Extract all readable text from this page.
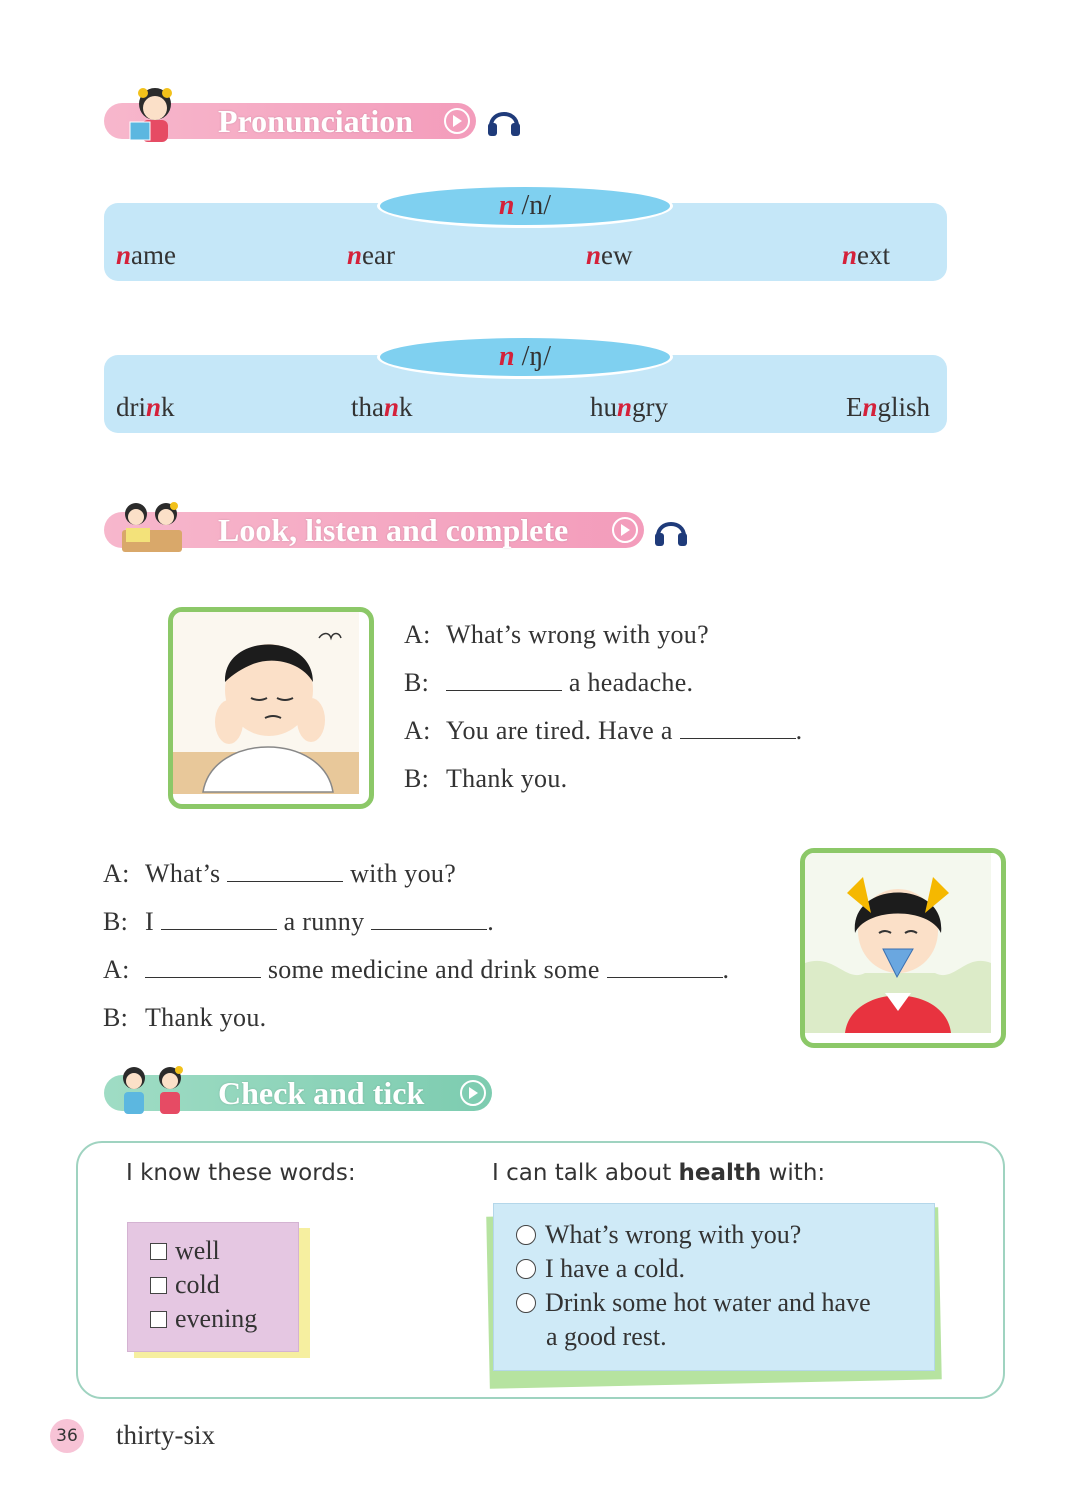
Pronunciation
n /n/
name	near	new	next
n /ŋ/
drink	thank	hungry	English
Look, listen and complete
A: What’s wrong with you?
B:	a headache.
A: You are tired. Have a	.
B: Thank you.
A: What’s	with you?
B: I	a runny	.
A:	some medicine and drink some	.
B: Thank you.
Check and tick
I know these words:
well
cold
evening
I can talk about health with:
What’s wrong with you?
I have a cold.
Drink some hot water and have
a good rest.
36 thirty-six
